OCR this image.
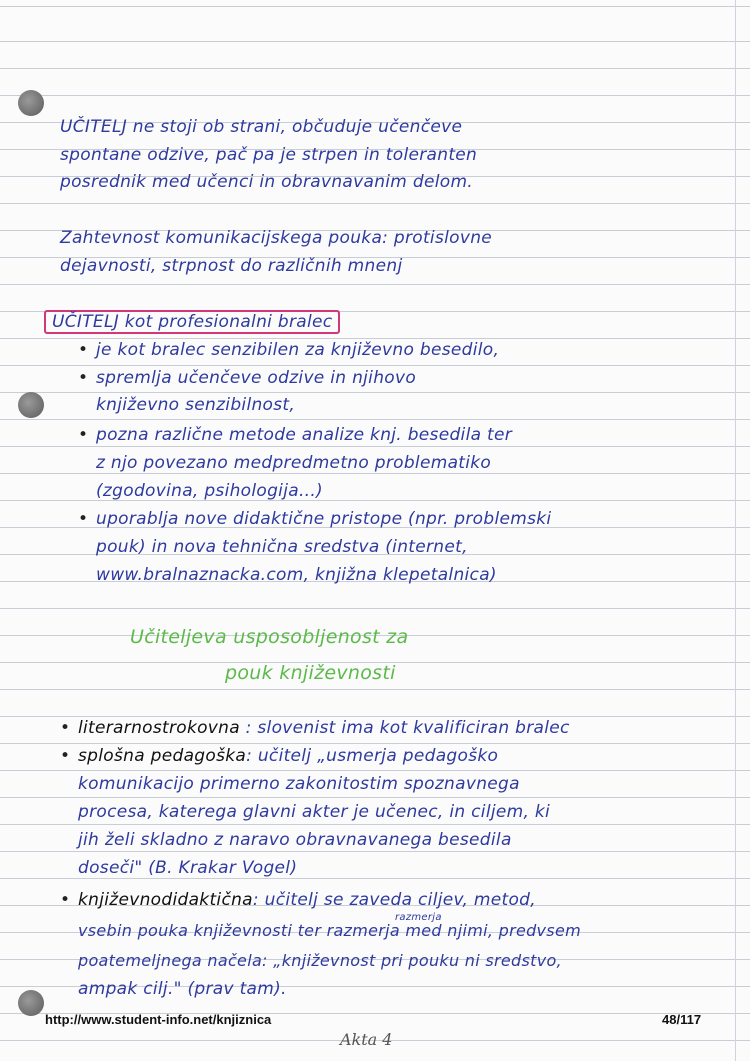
UČITELJ ne stoji ob strani, občuduje učenčeve
spontane odzive, pač pa je strpen in toleranten
posrednik med učenci in obravnavanim delom.
Zahtevnost komunikacijskega pouka: protislovne
dejavnosti, strpnost do različnih mnenj
UČITELJ kot profesionalni bralec
• je kot bralec senzibilen za književno besedilo,
• spremlja učenčeve odzive in njihovo
književno senzibilnost,
• pozna različne metode analize knj. besedila ter
z njo povezano medpredmetno problematiko
(zgodovina, psihologija...)
• uporablja nove didaktične pristope (npr. problemski
pouk) in nova tehnična sredstva (internet,
www.bralnaznacka.com, knjižna klepetalnica)
Učiteljeva usposobljenost za
pouk književnosti
• literarnostrokovna : slovenist ima kot kvalificiran bralec
• splošna pedagoška: učitelj „usmerja pedagoško
komunikacijo primerno zakonitostim spoznavnega
procesa, katerega glavni akter je učenec, in ciljem, ki
jih želi skladno z naravo obravnavanega besedila
doseči" (B. Krakar Vogel)
• književnodidaktična: učitelj se zaveda ciljev, metod,
razmerja
vsebin pouka književnosti ter razmerja med njimi, predvsem
poatemeljnega načela: „književnost pri pouku ni sredstvo,
ampak cilj." (prav tam).
http://www.student-info.net/knjiznica	48/117
Akta 4
